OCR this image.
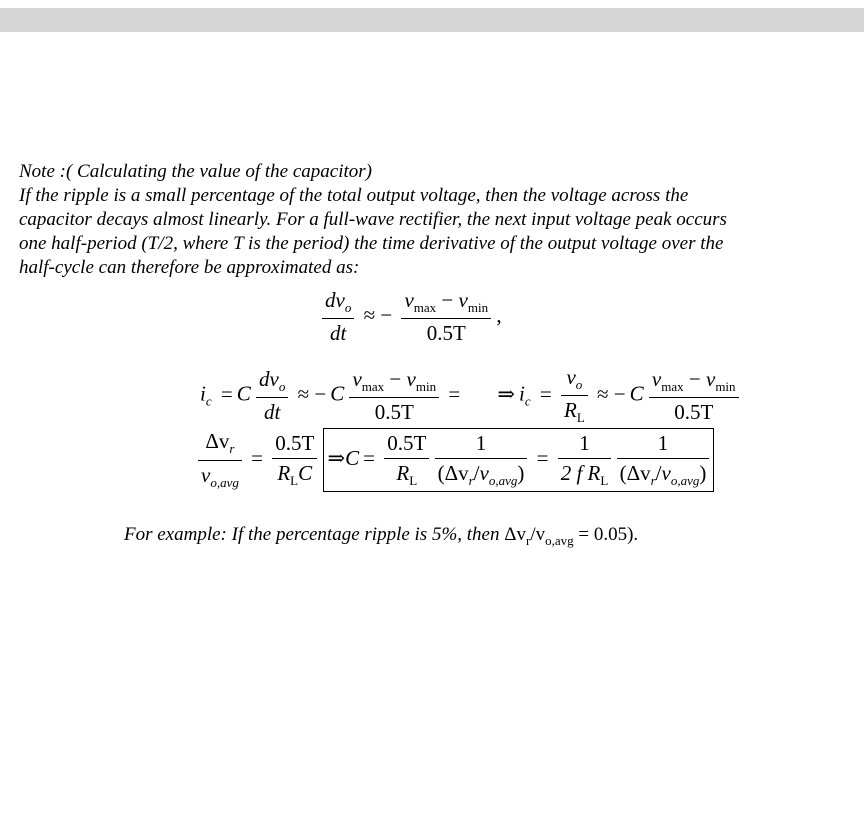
Note :( Calculating the value of the capacitor)
If the ripple is a small percentage of the total output voltage, then the voltage across the
capacitor decays almost linearly. For a full-wave rectifier, the next input voltage peak occurs
one half-period (T/2, where T is the period) the time derivative of the output voltage over the
half-cycle can therefore be approximated as:
$\frac{dv_o}{dt}$ ≈ − $\frac{v_{max} - v_{min}}{0.5T}$ ,
$i_c = C \frac{dv_o}{dt}$ ≈ − C $\frac{v_{max} - v_{min}}{0.5T}$ = ⇒ $i_c = \frac{v_o}{R_L}$ ≈ − C $\frac{v_{max} - v_{min}}{0.5T}$
$\frac{\Delta v_r}{v_{o,avg}} = \frac{0.5T}{R_LC}$ ⇒C = $\frac{0.5T}{R_L}$
$\frac{1}{(\Delta v_r/v_{o,avg})} = \frac{1}{2 f R_L}$
$\frac{1}{(\Delta v_r/v_{o,avg})}$
For example: If the percentage ripple is 5%, then $\Delta v_r/v_{o,avg} = 0.05$).
